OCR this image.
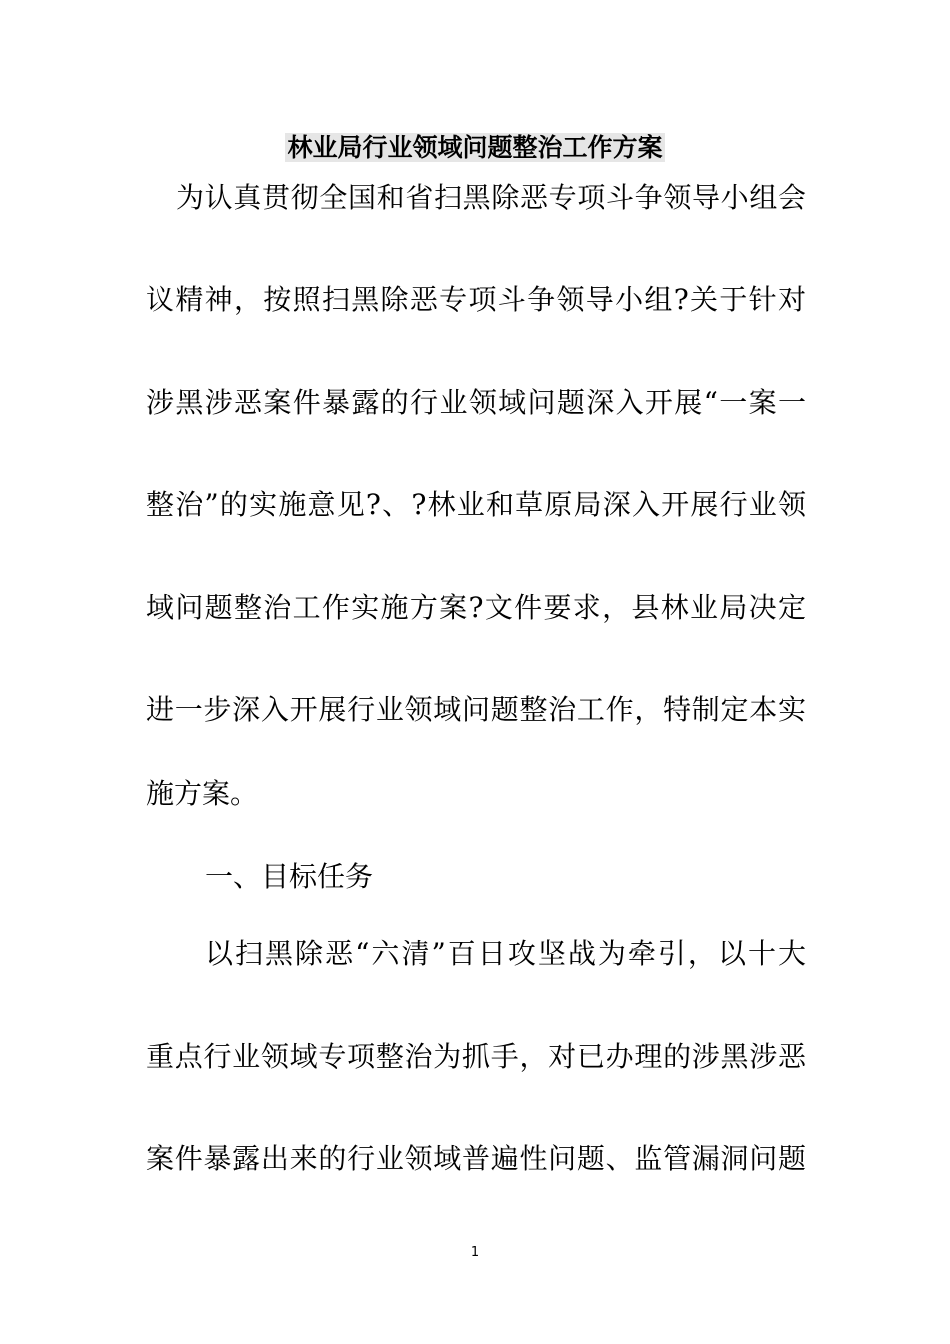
林业局行业领域问题整治工作方案

为认真贯彻全国和省扫黑除恶专项斗争领导小组会

议精神，按照扫黑除恶专项斗争领导小组?关于针对

涉黑涉恶案件暴露的行业领域问题深入开展“一案一

整治”的实施意见?、?林业和草原局深入开展行业领

域问题整治工作实施方案?文件要求，县林业局决定

进一步深入开展行业领域问题整治工作，特制定本实

施方案。

一、目标任务

以扫黑除恶“六清”百日攻坚战为牵引，以十大

重点行业领域专项整治为抓手，对已办理的涉黑涉恶

案件暴露出来的行业领域普遍性问题、监管漏洞问题

1
